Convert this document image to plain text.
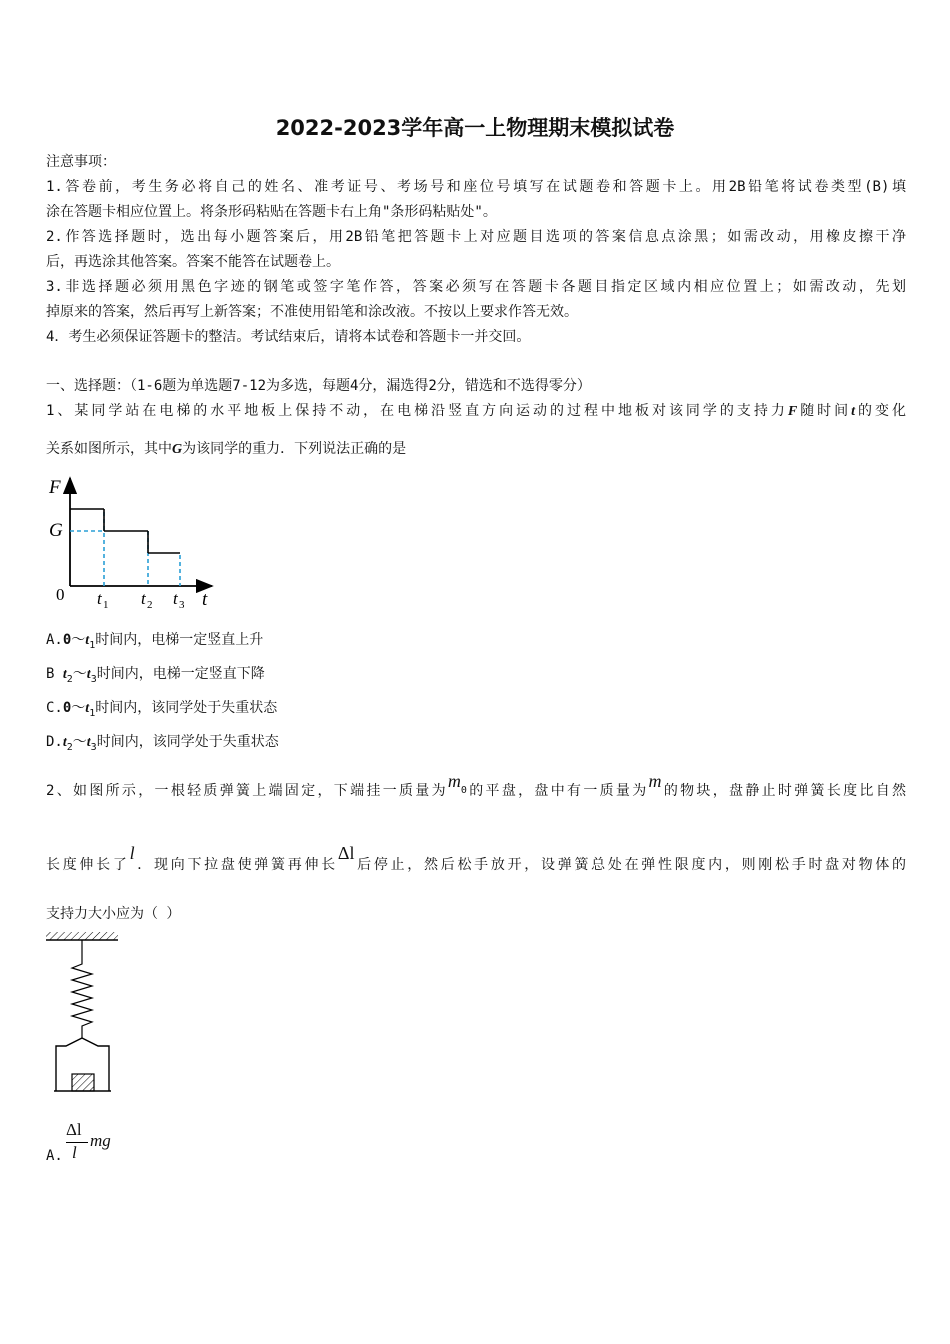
2022-2023学年高一上物理期末模拟试卷
注意事项：
1.答卷前，考生务必将自己的姓名、准考证号、考场号和座位号填写在试题卷和答题卡上。用2B铅笔将试卷类型(B)填
涂在答题卡相应位置上。将条形码粘贴在答题卡右上角"条形码粘贴处"。
2.作答选择题时，选出每小题答案后，用2B铅笔把答题卡上对应题目选项的答案信息点涂黑；如需改动，用橡皮擦干净
后，再选涂其他答案。答案不能答在试题卷上。
3.非选择题必须用黑色字迹的钢笔或签字笔作答，答案必须写在答题卡各题目指定区域内相应位置上；如需改动，先划
掉原来的答案，然后再写上新答案；不准使用铅笔和涂改液。不按以上要求作答无效。
4．考生必须保证答题卡的整洁。考试结束后，请将本试卷和答题卡一并交回。
一、选择题：（1-6题为单选题7-12为多选，每题4分，漏选得2分，错选和不选得零分）
1、某同学站在电梯的水平地板上保持不动，在电梯沿竖直方向运动的过程中地板对该同学的支持力F随时间t的变化
关系如图所示，其中G为该同学的重力．下列说法正确的是
F
G
0	t
t 1 t 2 t 3
$A.0\sim t_1$时间内，电梯一定竖直上升
B $t_2\sim t_3$时间内，电梯一定竖直下降
$C.0\sim t_1$时间内，该同学处于失重状态
$D.t_2\sim t_3$时间内，该同学处于失重状态
2、如图所示，一根轻质弹簧上端固定，下端挂一质量为$m_0$的平盘，盘中有一质量为m的物块，盘静止时弹簧长度比自然
长度伸长了l．现向下拉盘使弹簧再伸长Δl后停止，然后松手放开，设弹簧总处在弹性限度内，则刚松手时盘对物体的
支持力大小应为（ ）
A.
Δl
l
mg
